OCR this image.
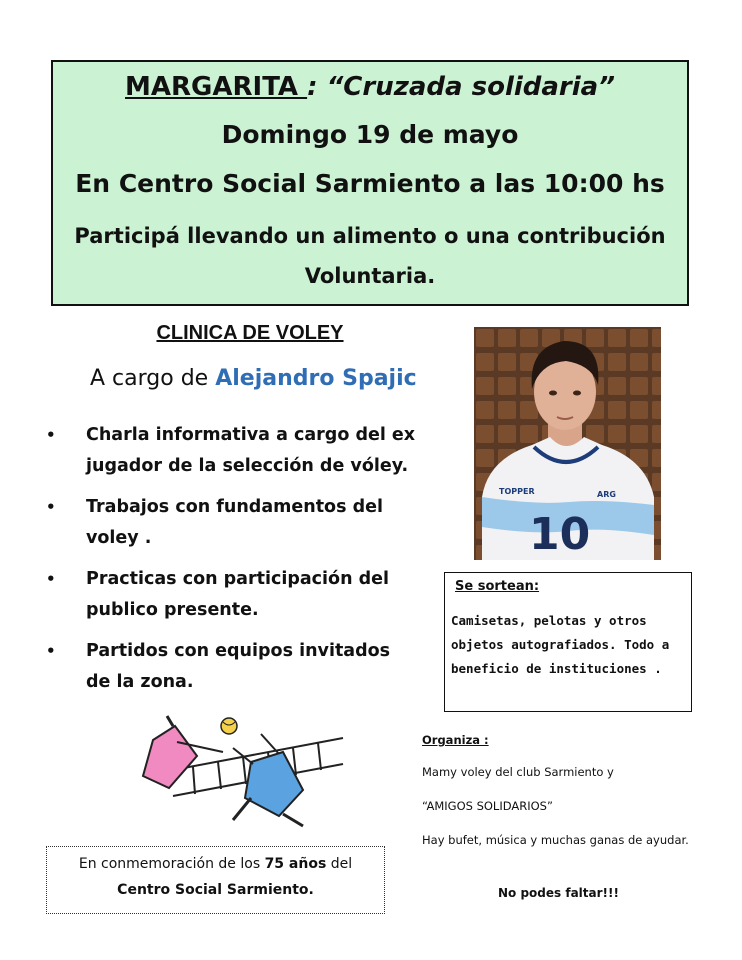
MARGARITA : “Cruzada solidaria”
Domingo 19 de mayo
En Centro Social Sarmiento a las 10:00 hs
Participá llevando un alimento o una contribución Voluntaria.
CLINICA DE VOLEY
A cargo de Alejandro Spajic
• Charla informativa a cargo del ex jugador de la selección de vóley.
• Trabajos con fundamentos del voley .
• Practicas con participación del publico presente.
• Partidos con equipos invitados de la zona.
TOPPER	ARG
10
Se sortean:
Camisetas, pelotas y otros objetos autografiados. Todo a beneficio de instituciones .
Organiza :

Mamy voley del club Sarmiento y

“AMIGOS SOLIDARIOS”

Hay bufet, música y muchas ganas de ayudar.

No podes faltar!!!
En conmemoración de los 75 años del
Centro Social Sarmiento.
